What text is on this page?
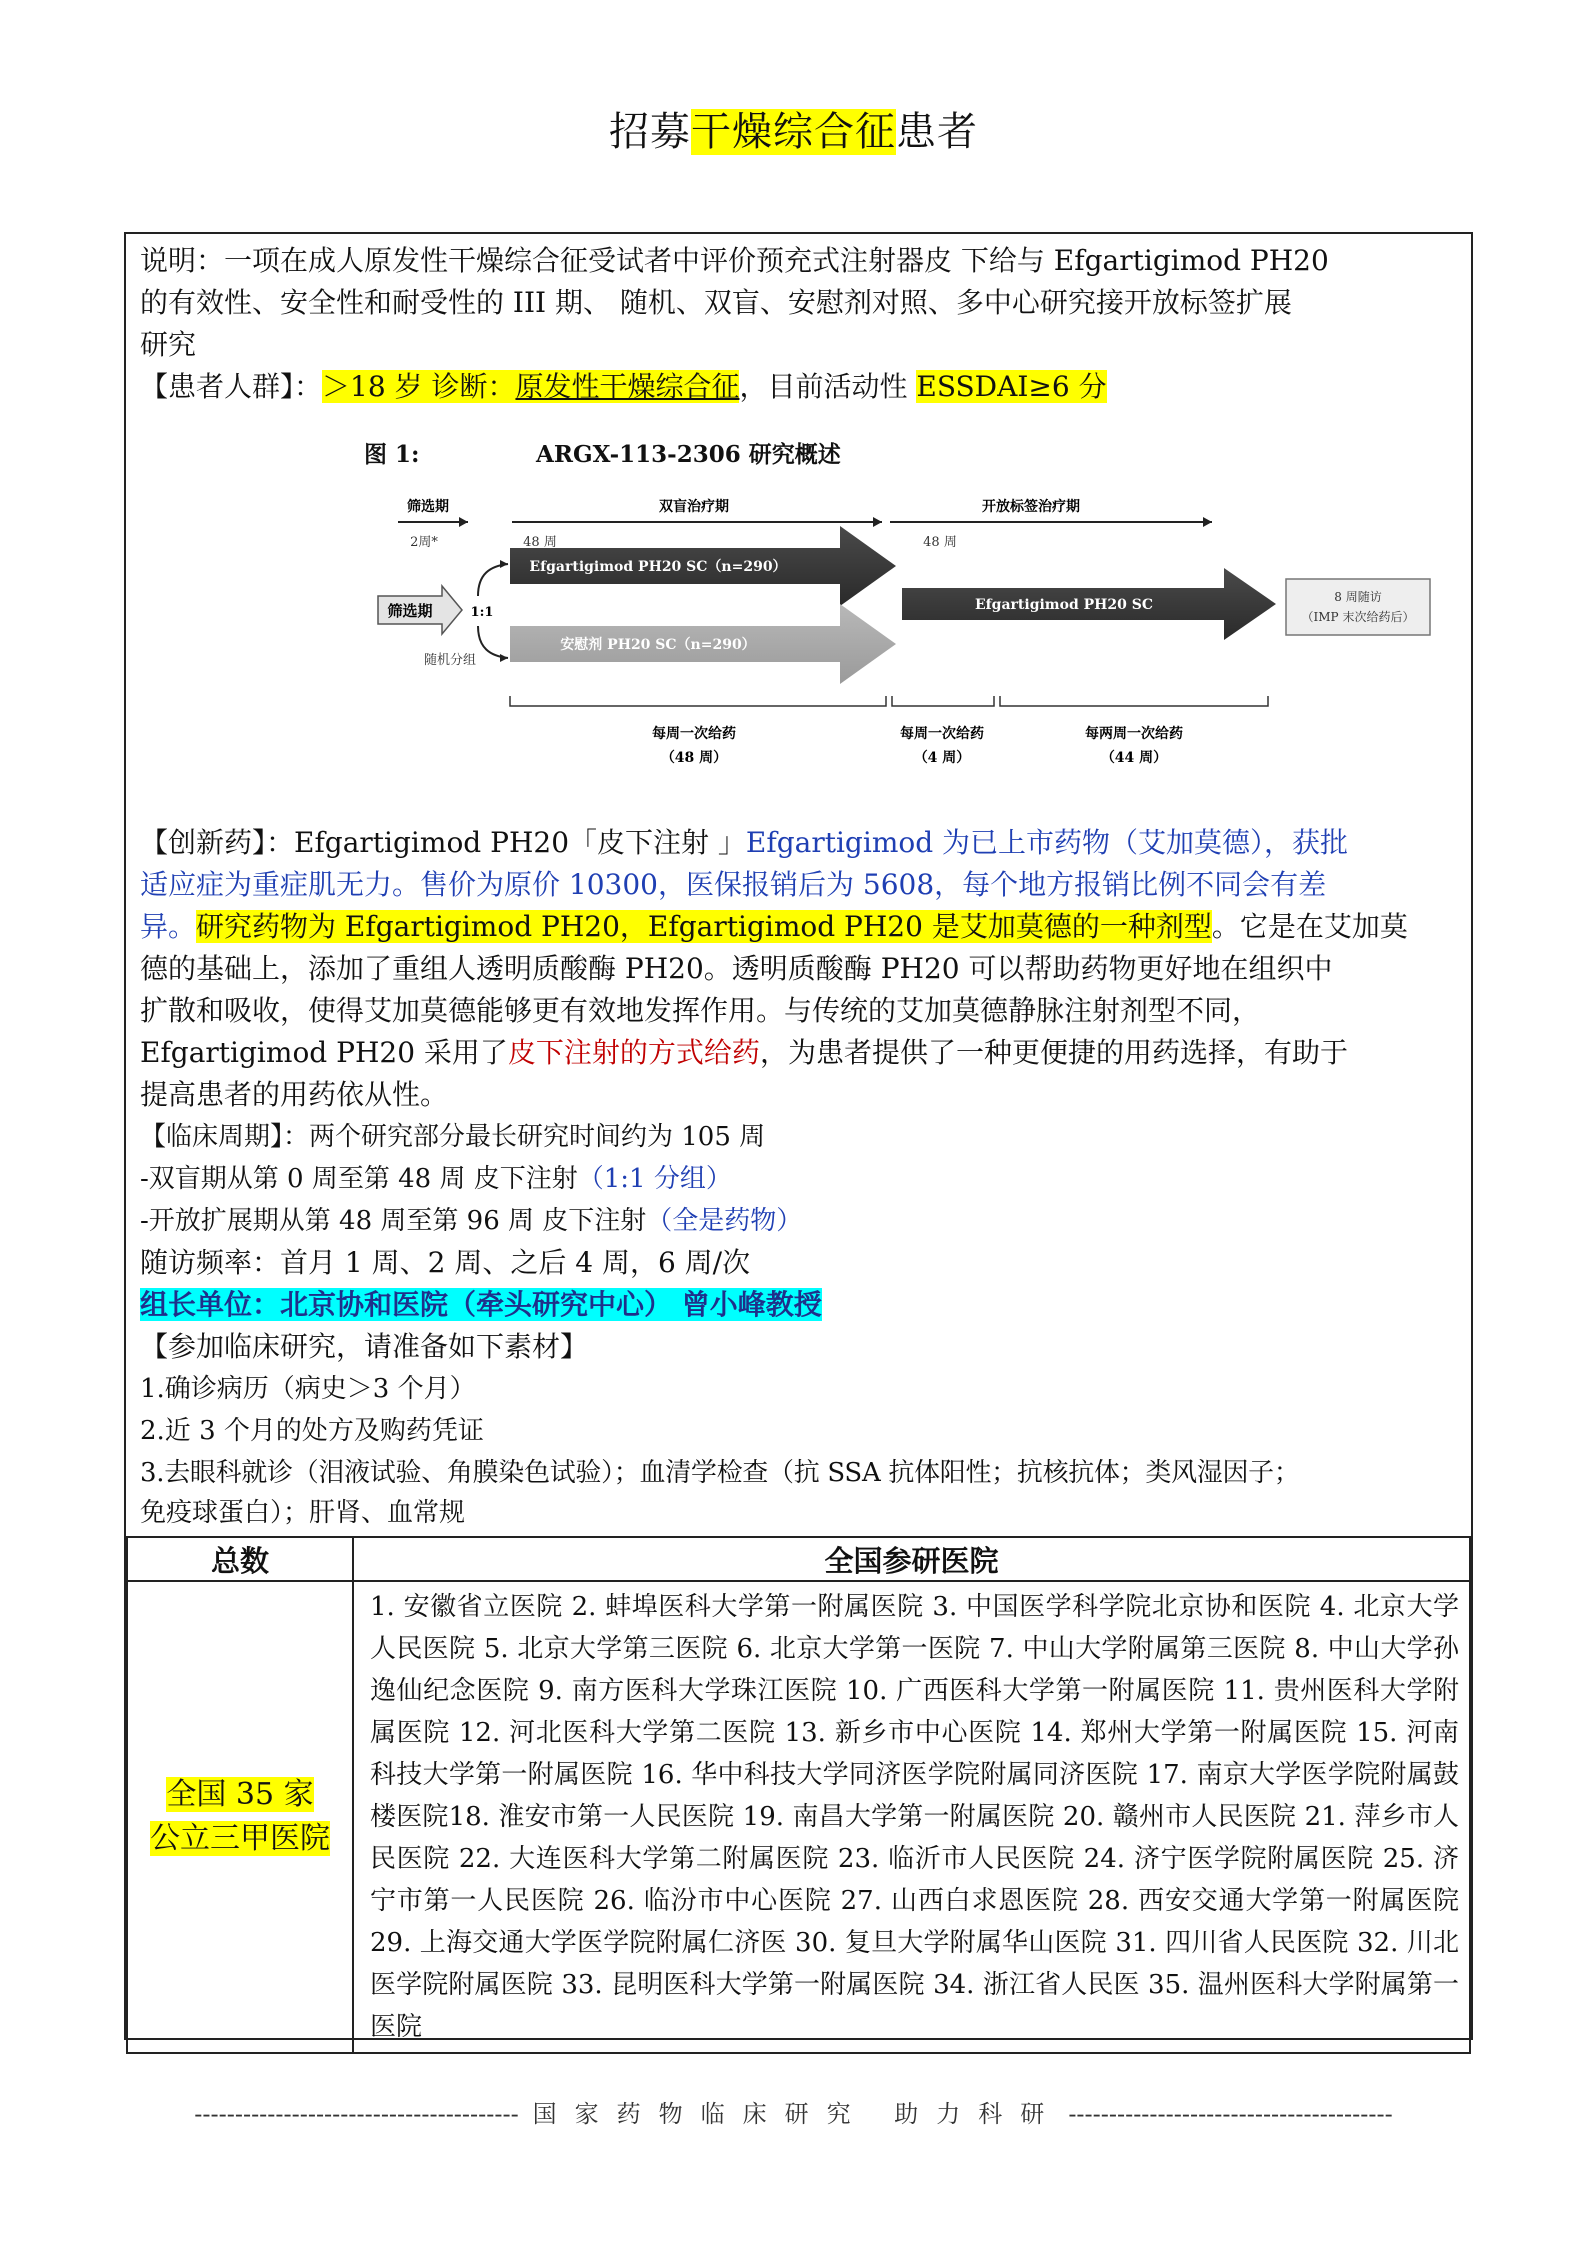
招募干燥综合征患者

说明：一项在成人原发性干燥综合征受试者中评价预充式注射器皮 下给与 Efgartigimod PH20

的有效性、安全性和耐受性的 III 期、 随机、双盲、安慰剂对照、多中心研究接开放标签扩展

研究

【患者人群】：＞18 岁 诊断：原发性干燥综合征，目前活动性 ESSDAI≥6 分

图 1:	ARGX-113-2306 研究概述
筛选期
2周*
双盲治疗期
48 周
开放标签治疗期
48 周
筛选期	1:1
随机分组
Efgartigimod PH20 SC（n=290）
安慰剂 PH20 SC（n=290）
Efgartigimod PH20 SC	8 周随访
（IMP 末次给药后）
每周一次给药
（48 周）
每周一次给药
（4 周）
每两周一次给药
（44 周）

【创新药】：Efgartigimod PH20「皮下注射 」Efgartigimod 为已上市药物（艾加莫德），获批

适应症为重症肌无力。售价为原价 10300，医保报销后为 5608，每个地方报销比例不同会有差

异。研究药物为 Efgartigimod PH20，Efgartigimod PH20 是艾加莫德的一种剂型。它是在艾加莫

德的基础上，添加了重组人透明质酸酶 PH20。透明质酸酶 PH20 可以帮助药物更好地在组织中

扩散和吸收，使得艾加莫德能够更有效地发挥作用。与传统的艾加莫德静脉注射剂型不同，

Efgartigimod PH20 采用了皮下注射的方式给药，为患者提供了一种更便捷的用药选择，有助于

提高患者的用药依从性。

【临床周期】：两个研究部分最长研究时间约为 105 周

-双盲期从第 0 周至第 48 周 皮下注射（1:1 分组）

-开放扩展期从第 48 周至第 96 周 皮下注射（全是药物）

随访频率：首月 1 周、2 周、之后 4 周，6 周/次

组长单位：北京协和医院（牵头研究中心） 曾小峰教授

【参加临床研究，请准备如下素材】

1.确诊病历（病史＞3 个月）

2.近 3 个月的处方及购药凭证

3.去眼科就诊（泪液试验、角膜染色试验）；血清学检查（抗 SSA 抗体阳性；抗核抗体；类风湿因子；

免疫球蛋白）；肝肾、血常规

总数	全国参研医院
全国 35 家
公立三甲医院	1. 安徽省立医院 2. 蚌埠医科大学第一附属医院 3. 中国医学科学院北京协和医院 4. 北京大学人民医院 5. 北京大学第三医院 6. 北京大学第一医院 7. 中山大学附属第三医院 8. 中山大学孙逸仙纪念医院 9. 南方医科大学珠江医院 10. 广西医科大学第一附属医院 11. 贵州医科大学附属医院 12. 河北医科大学第二医院 13. 新乡市中心医院 14. 郑州大学第一附属医院 15. 河南科技大学第一附属医院 16. 华中科技大学同济医学院附属同济医院 17. 南京大学医学院附属鼓楼医院18. 淮安市第一人民医院 19. 南昌大学第一附属医院 20. 赣州市人民医院 21. 萍乡市人民医院 22. 大连医科大学第二附属医院 23. 临沂市人民医院 24. 济宁医学院附属医院 25. 济宁市第一人民医院 26. 临汾市中心医院 27. 山西白求恩医院 28. 西安交通大学第一附属医院 29. 上海交通大学医学院附属仁济医 30. 复旦大学附属华山医院 31. 四川省人民医院 32. 川北医学院附属医院 33. 昆明医科大学第一附属医院 34. 浙江省人民医 35. 温州医科大学附属第一医院
---------------------------------------- 国家药物临床研究 助力科研 ----------------------------------------
